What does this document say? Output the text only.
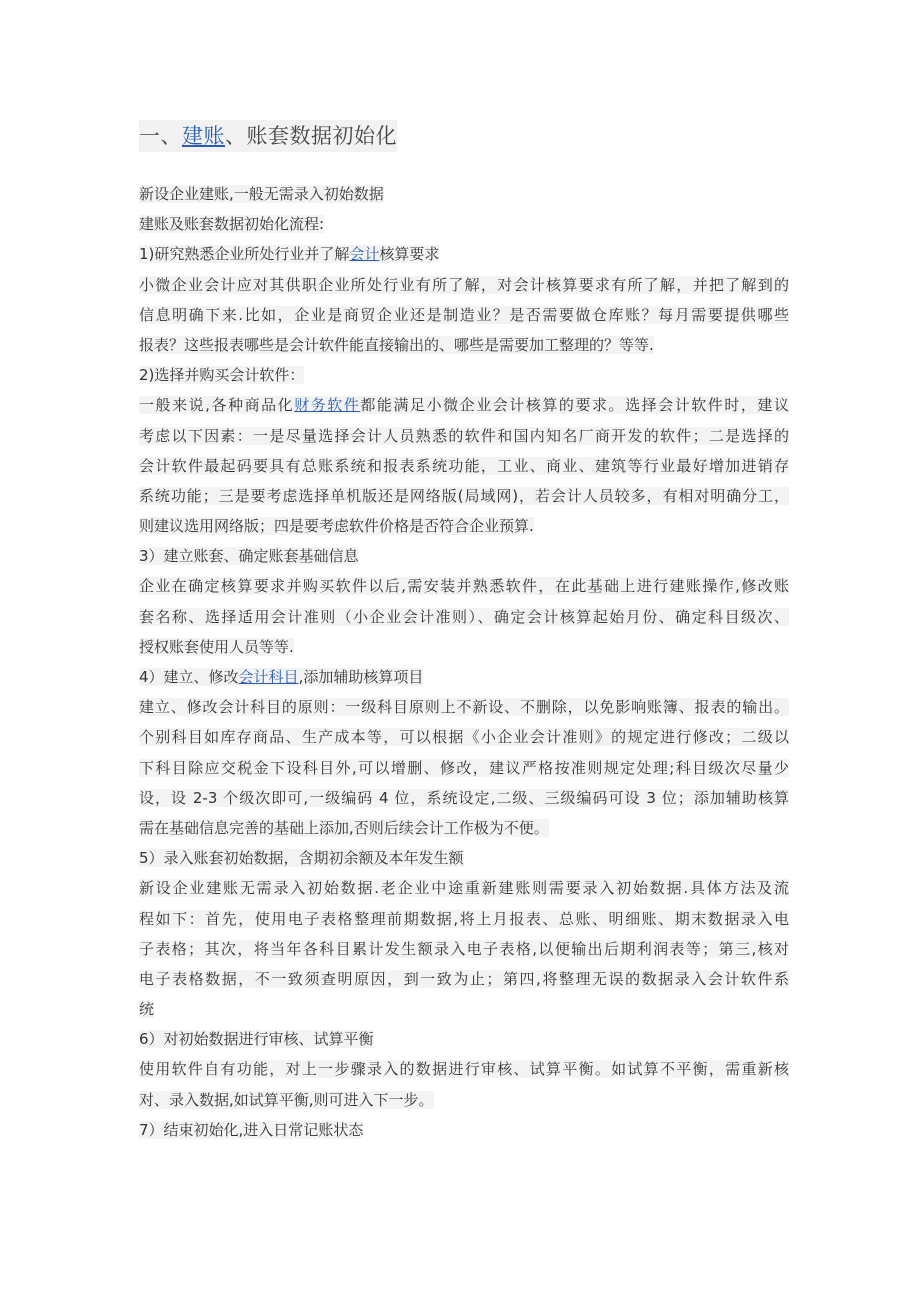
一、建账、账套数据初始化
新设企业建账,一般无需录入初始数据
建账及账套数据初始化流程:
1)研究熟悉企业所处行业并了解会计核算要求
小微企业会计应对其供职企业所处行业有所了解，对会计核算要求有所了解，并把了解到的
信息明确下来.比如，企业是商贸企业还是制造业？是否需要做仓库账？每月需要提供哪些
报表？这些报表哪些是会计软件能直接输出的、哪些是需要加工整理的？等等.
2)选择并购买会计软件：
一般来说,各种商品化财务软件都能满足小微企业会计核算的要求。选择会计软件时，建议
考虑以下因素：一是尽量选择会计人员熟悉的软件和国内知名厂商开发的软件；二是选择的
会计软件最起码要具有总账系统和报表系统功能，工业、商业、建筑等行业最好增加进销存
系统功能；三是要考虑选择单机版还是网络版(局域网)，若会计人员较多，有相对明确分工，
则建议选用网络版；四是要考虑软件价格是否符合企业预算.
3）建立账套、确定账套基础信息
企业在确定核算要求并购买软件以后,需安装并熟悉软件，在此基础上进行建账操作,修改账
套名称、选择适用会计准则（小企业会计准则）、确定会计核算起始月份、确定科目级次、
授权账套使用人员等等.
4）建立、修改会计科目,添加辅助核算项目
建立、修改会计科目的原则：一级科目原则上不新设、不删除，以免影响账簿、报表的输出。
个别科目如库存商品、生产成本等，可以根据《小企业会计准则》的规定进行修改；二级以
下科目除应交税金下设科目外,可以增删、修改，建议严格按准则规定处理;科目级次尽量少
设，设 2-3 个级次即可,一级编码 4 位，系统设定,二级、三级编码可设 3 位；添加辅助核算
需在基础信息完善的基础上添加,否则后续会计工作极为不便。
5）录入账套初始数据，含期初余额及本年发生额
新设企业建账无需录入初始数据.老企业中途重新建账则需要录入初始数据.具体方法及流
程如下：首先，使用电子表格整理前期数据,将上月报表、总账、明细账、期末数据录入电
子表格；其次，将当年各科目累计发生额录入电子表格,以便输出后期利润表等；第三,核对
电子表格数据，不一致须查明原因，到一致为止；第四,将整理无误的数据录入会计软件系
统
6）对初始数据进行审核、试算平衡
使用软件自有功能，对上一步骤录入的数据进行审核、试算平衡。如试算不平衡，需重新核
对、录入数据,如试算平衡,则可进入下一步。
7）结束初始化,进入日常记账状态
